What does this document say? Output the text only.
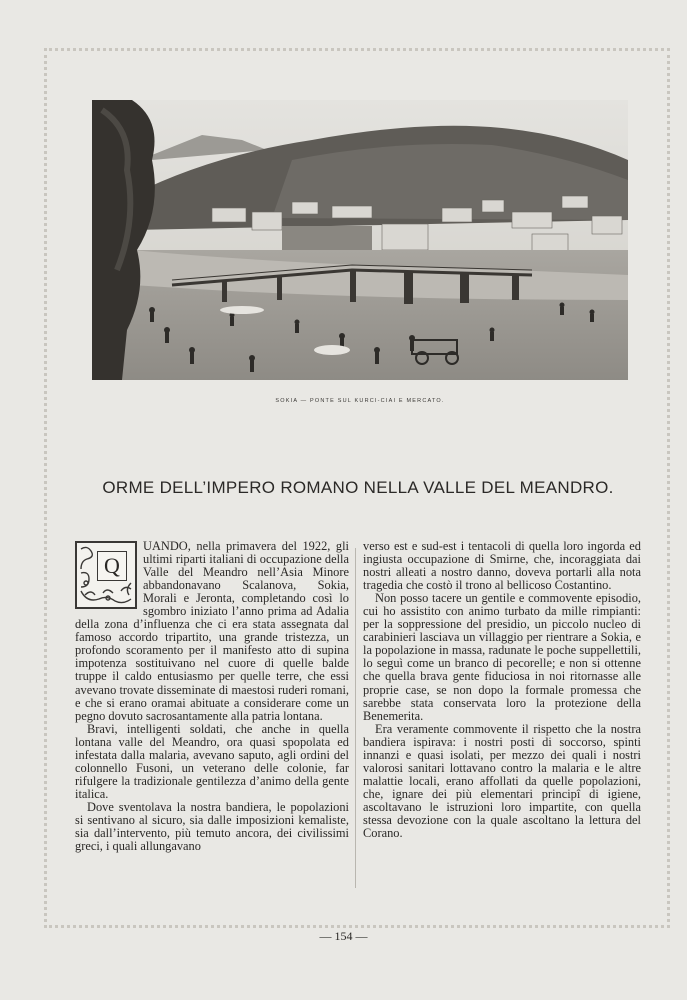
SOKIA — PONTE SUL KURCI-CIAI E MERCATO.
ORME DELL’IMPERO ROMANO NELLA VALLE DEL MEANDRO.
Q

UANDO, nella primavera del 1922, gli ultimi riparti italiani di occupazione della Valle del Meandro nell’Asia Minore abbandonavano Scalanova, Sokia, Morali e Jeronta, completando così lo sgombro iniziato l’anno prima ad Adalia della zona d’influenza che ci era stata assegnata dal famoso accordo tripartito, una grande tristezza, un profondo scoramento per il manifesto atto di supina impotenza sostituivano nel cuore di quelle balde truppe il caldo entusiasmo per quelle terre, che essi avevano trovate disseminate di maestosi ruderi romani, e che si erano oramai abituate a considerare come un pegno dovuto sacrosantamente alla patria lontana.

Bravi, intelligenti soldati, che anche in quella lontana valle del Meandro, ora quasi spopolata ed infestata dalla malaria, avevano saputo, agli ordini del colonnello Fusoni, un veterano delle colonie, far rifulgere la tradizionale gentilezza d’animo della gente italica.

Dove sventolava la nostra bandiera, le popolazioni si sentivano al sicuro, sia dalle imposizioni kemaliste, sia dall’intervento, più temuto ancora, dei civilissimi greci, i quali allungavano

verso est e sud-est i tentacoli di quella loro ingorda ed ingiusta occupazione di Smirne, che, incoraggiata dai nostri alleati a nostro danno, doveva portarli alla nota tragedia che costò il trono al bellicoso Costantino.

Non posso tacere un gentile e commovente episodio, cui ho assistito con animo turbato da mille rimpianti: per la soppressione del presidio, un piccolo nucleo di carabinieri lasciava un villaggio per rientrare a Sokia, e la popolazione in massa, radunate le poche suppellettili, lo seguì come un branco di pecorelle; e non si ottenne che quella brava gente fiduciosa in noi ritornasse alle proprie case, se non dopo la formale promessa che sarebbe stata conservata loro la protezione della Benemerita.

Era veramente commovente il rispetto che la nostra bandiera ispirava: i nostri posti di soccorso, spinti innanzi e quasi isolati, per mezzo dei quali i nostri valorosi sanitari lottavano contro la malaria e le altre malattie locali, erano affollati da quelle popolazioni, che, ignare dei più elementari principî di igiene, ascoltavano le istruzioni loro impartite, con quella stessa devozione con la quale ascoltano la lettura del Corano.

— 154 —
